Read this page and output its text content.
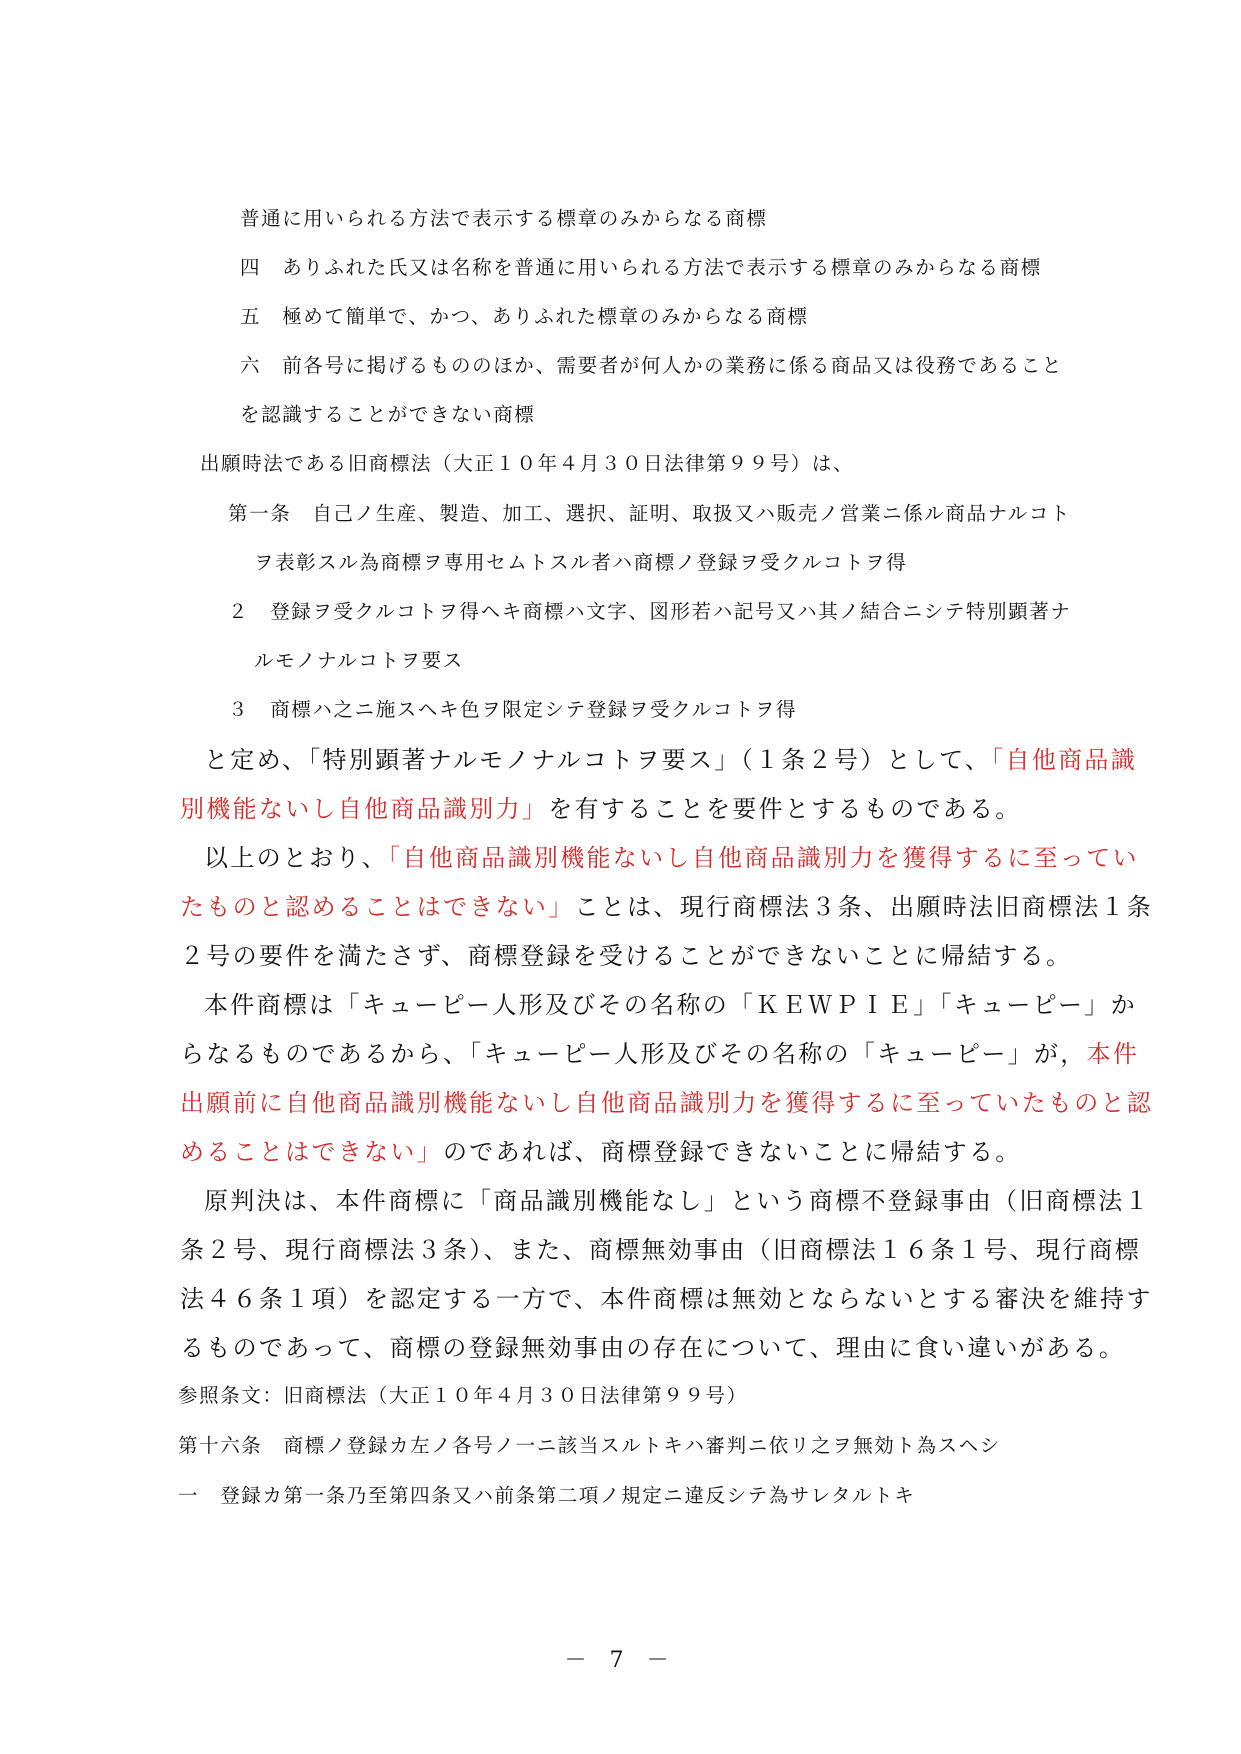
普通に用いられる方法で表示する標章のみからなる商標
四　ありふれた氏又は名称を普通に用いられる方法で表示する標章のみからなる商標
五　極めて簡単で、かつ、ありふれた標章のみからなる商標
六　前各号に掲げるもののほか、需要者が何人かの業務に係る商品又は役務であること
を認識することができない商標
出願時法である旧商標法（大正１０年４月３０日法律第９９号）は、
第一条　自己ノ生産、製造、加工、選択、証明、取扱又ハ販売ノ営業ニ係ル商品ナルコト
ヲ表彰スル為商標ヲ専用セムトスル者ハ商標ノ登録ヲ受クルコトヲ得
２　登録ヲ受クルコトヲ得ヘキ商標ハ文字、図形若ハ記号又ハ其ノ結合ニシテ特別顕著ナ
ルモノナルコトヲ要ス
３　商標ハ之ニ施スヘキ色ヲ限定シテ登録ヲ受クルコトヲ得
と定め、「特別顕著ナルモノナルコトヲ要ス」（１条２号）として、「自他商品識
別機能ないし自他商品識別力」を有することを要件とするものである。
以上のとおり、「自他商品識別機能ないし自他商品識別力を獲得するに至ってい
たものと認めることはできない」ことは、現行商標法３条、出願時法旧商標法１条
２号の要件を満たさず、商標登録を受けることができないことに帰結する。
本件商標は「キューピー人形及びその名称の「ＫＥＷＰＩＥ」「キューピー」か
らなるものであるから、「キューピー人形及びその名称の「キューピー」が，本件
出願前に自他商品識別機能ないし自他商品識別力を獲得するに至っていたものと認
めることはできない」のであれば、商標登録できないことに帰結する。
原判決は、本件商標に「商品識別機能なし」という商標不登録事由（旧商標法１
条２号、現行商標法３条）、また、商標無効事由（旧商標法１６条１号、現行商標
法４６条１項）を認定する一方で、本件商標は無効とならないとする審決を維持す
るものであって、商標の登録無効事由の存在について、理由に食い違いがある。
参照条文：旧商標法（大正１０年４月３０日法律第９９号）
第十六条　商標ノ登録カ左ノ各号ノ一ニ該当スルトキハ審判ニ依リ之ヲ無効ト為スヘシ
一　登録カ第一条乃至第四条又ハ前条第二項ノ規定ニ違反シテ為サレタルトキ
－ 7 －
